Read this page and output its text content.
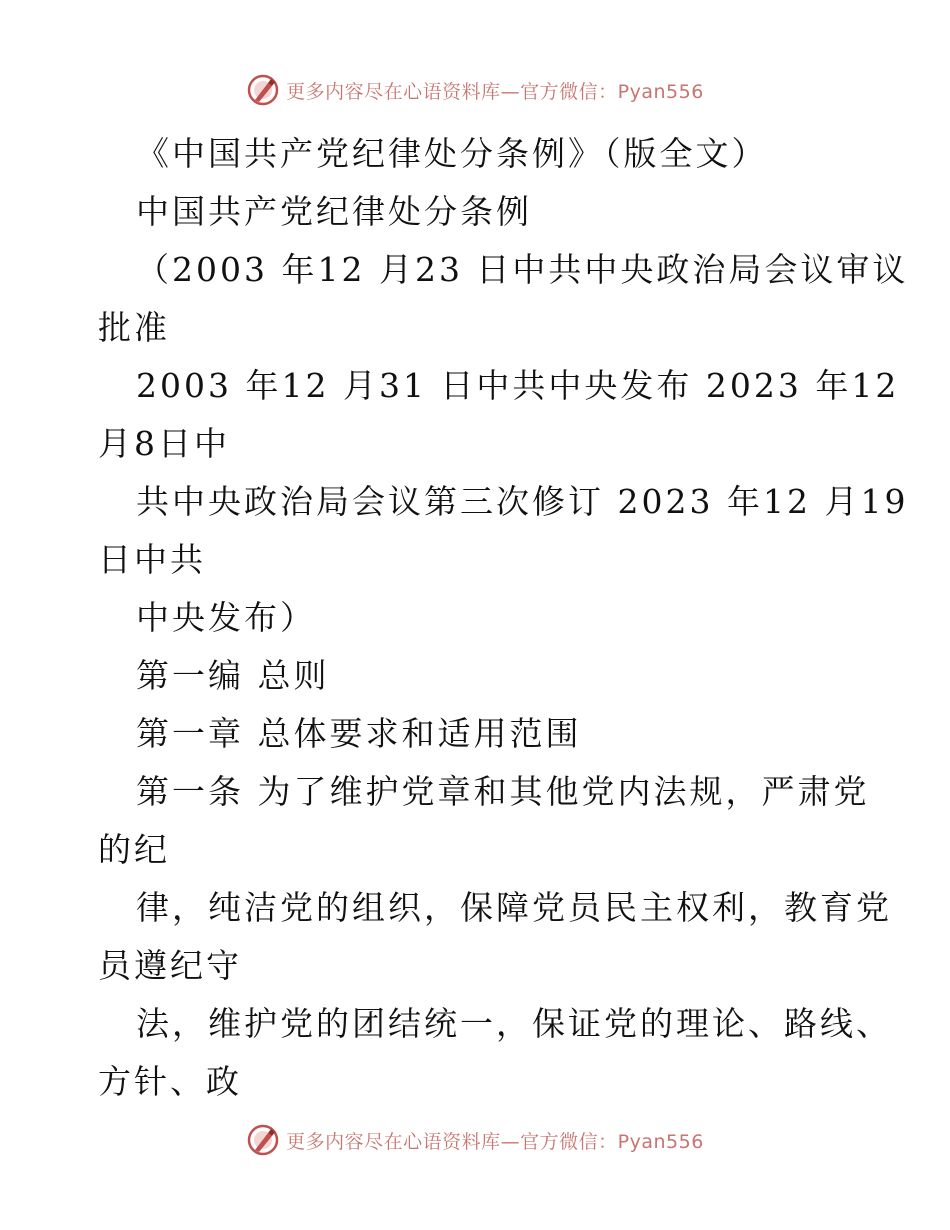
更多内容尽在心语资料库—官方微信：Pyan556
《中国共产党纪律处分条例》（版全文）
中国共产党纪律处分条例
（2003 年12 月23 日中共中央政治局会议审议
批准
2003 年12 月31 日中共中央发布 2023 年12
月8日中
共中央政治局会议第三次修订 2023 年12 月19
日中共
中央发布）
第一编 总则
第一章 总体要求和适用范围
第一条 为了维护党章和其他党内法规，严肃党
的纪
律，纯洁党的组织，保障党员民主权利，教育党
员遵纪守
法，维护党的团结统一，保证党的理论、路线、
方针、政
更多内容尽在心语资料库—官方微信：Pyan556
